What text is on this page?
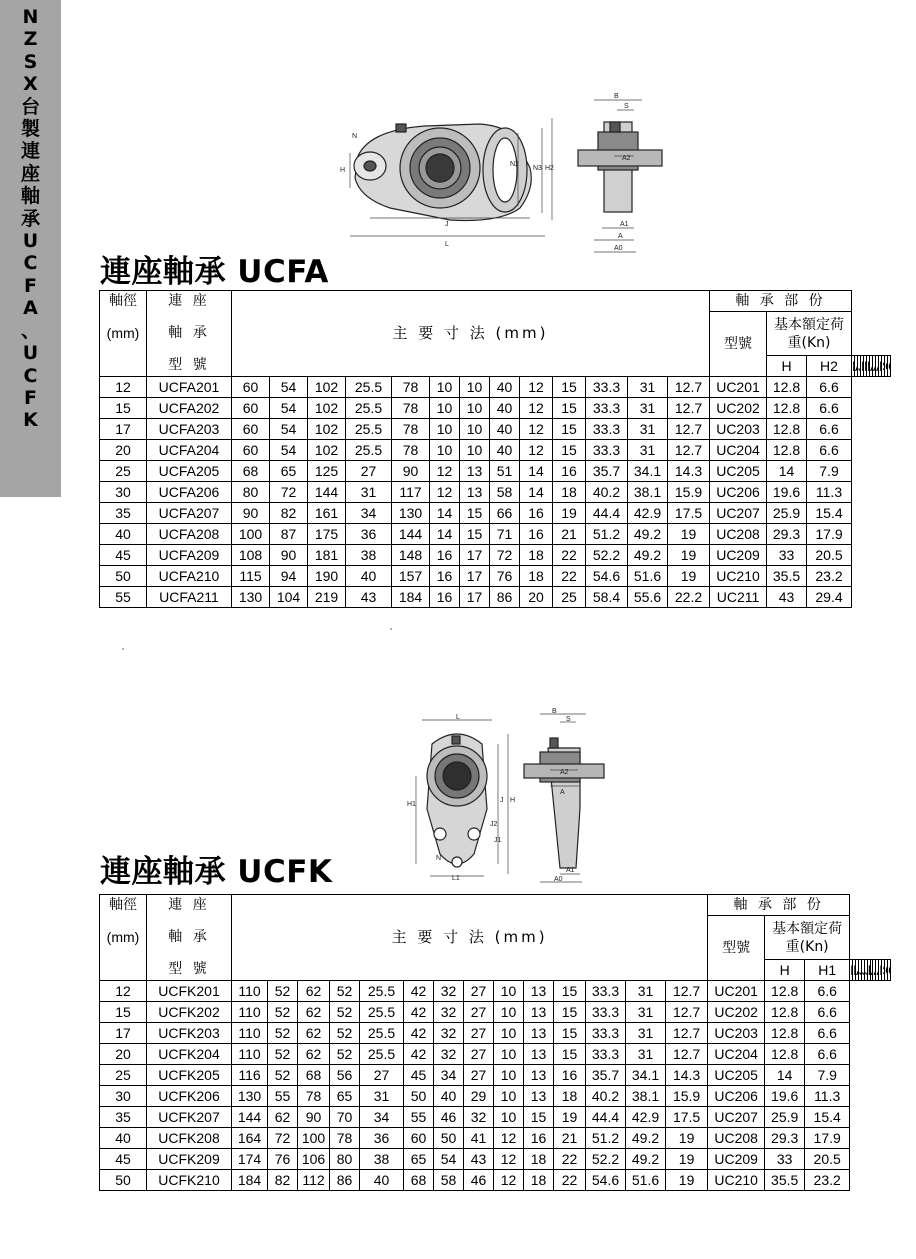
N
Z
S
X
台
製
連
座
軸
承
U
C
F
A
、
U
C
F
K
N
H
J
L
N2
N3 H2
B
S
A2
A1
A
A0
連座軸承 UCFA
軸徑	連 座	主 要 寸 法 (mm)													軸 承 部 份															
(mm)	軸 承														型號	基本額定荷
重(Kn)														
	型 號															H	H2													
12	UCFA201	60	54	102	25.5	78	10	10	40	12	15	33.3	31	12.7	UC201	12.8	6.6													
15	UCFA202	60	54	102	25.5	78	10	10	40	12	15	33.3	31	12.7	UC202	12.8	6.6													
17	UCFA203	60	54	102	25.5	78	10	10	40	12	15	33.3	31	12.7	UC203	12.8	6.6													
20	UCFA204	60	54	102	25.5	78	10	10	40	12	15	33.3	31	12.7	UC204	12.8	6.6													
25	UCFA205	68	65	125	27	90	12	13	51	14	16	35.7	34.1	14.3	UC205	14	7.9													
30	UCFA206	80	72	144	31	117	12	13	58	14	18	40.2	38.1	15.9	UC206	19.6	11.3													
35	UCFA207	90	82	161	34	130	14	15	66	16	19	44.4	42.9	17.5	UC207	25.9	15.4													
40	UCFA208	100	87	175	36	144	14	15	71	16	21	51.2	49.2	19	UC208	29.3	17.9													
45	UCFA209	108	90	181	38	148	16	17	72	18	22	52.2	49.2	19	UC209	33	20.5													
50	UCFA210	115	94	190	40	157	16	17	76	18	22	54.6	51.6	19	UC210	35.5	23.2													
55	UCFA211	130	104	219	43	184	16	17	86	20	25	58.4	55.6	22.2	UC211	43	29.4													
L
H1
J H
J2
J1
N
L1
B
S
A2
A
A1
A0
連座軸承 UCFK
軸徑	連 座	主 要 寸 法 (mm)														軸 承 部 份																
(mm)	軸 承															型號	基本額定荷
重(Kn)															
	型 號																H	H1														
12	UCFK201	110	52	62	52	25.5	42	32	27	10	13	15	33.3	31	12.7	UC201	12.8	6.6														
15	UCFK202	110	52	62	52	25.5	42	32	27	10	13	15	33.3	31	12.7	UC202	12.8	6.6														
17	UCFK203	110	52	62	52	25.5	42	32	27	10	13	15	33.3	31	12.7	UC203	12.8	6.6														
20	UCFK204	110	52	62	52	25.5	42	32	27	10	13	15	33.3	31	12.7	UC204	12.8	6.6														
25	UCFK205	116	52	68	56	27	45	34	27	10	13	16	35.7	34.1	14.3	UC205	14	7.9														
30	UCFK206	130	55	78	65	31	50	40	29	10	13	18	40.2	38.1	15.9	UC206	19.6	11.3														
35	UCFK207	144	62	90	70	34	55	46	32	10	15	19	44.4	42.9	17.5	UC207	25.9	15.4														
40	UCFK208	164	72	100	78	36	60	50	41	12	16	21	51.2	49.2	19	UC208	29.3	17.9														
45	UCFK209	174	76	106	80	38	65	54	43	12	18	22	52.2	49.2	19	UC209	33	20.5														
50	UCFK210	184	82	112	86	40	68	58	46	12	18	22	54.6	51.6	19	UC210	35.5	23.2														
